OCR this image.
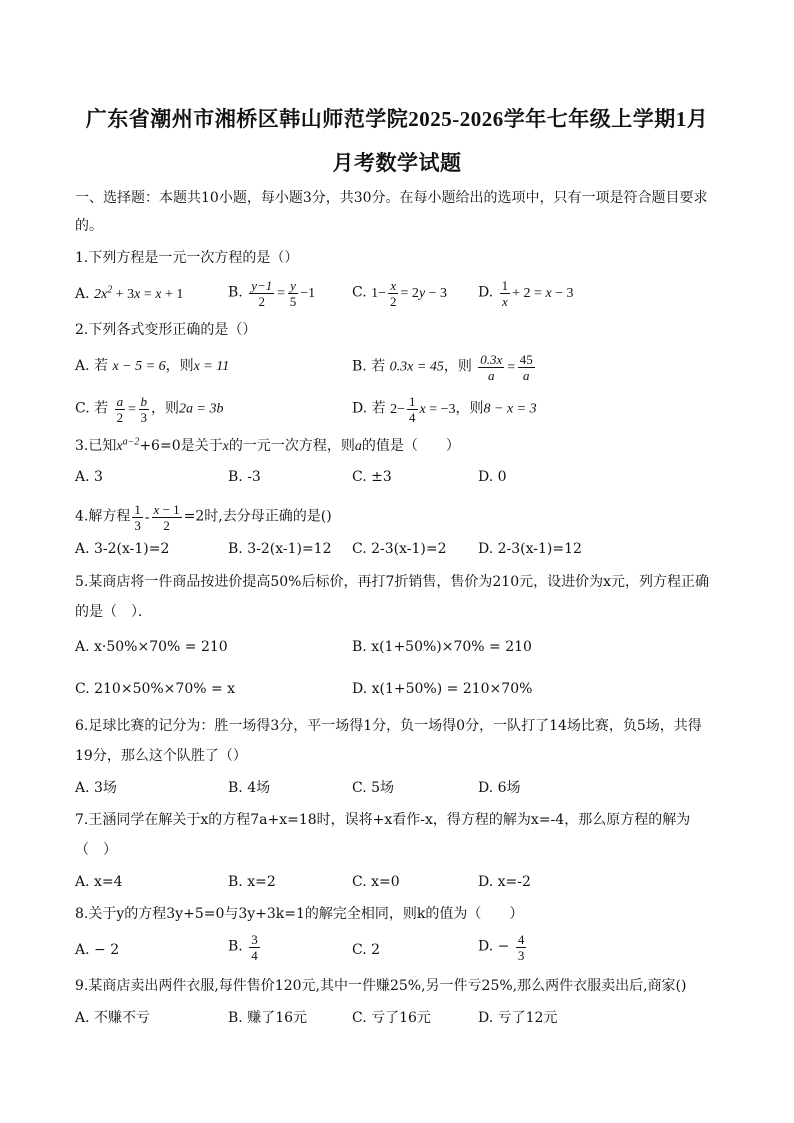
广东省潮州市湘桥区韩山师范学院2025-2026学年七年级上学期1月
月考数学试题
一、选择题：本题共10小题，每小题3分，共30分。在每小题给出的选项中，只有一项是符合题目要求
的。
1.下列方程是一元一次方程的是（）
A. $2x^2 + 3x = x + 1$	B. $\frac{y-1}{2} = \frac{y}{5} -1$	C. $1- \frac{x}{2} = 2y - 3$ D. $\frac{1}{x} + 2 = x - 3$
2.下列各式变形正确的是（）
A. 若 x − 5 = 6，则x = 11	B. 若 0.3x = 45，则 $\frac{0.3x}{a} = \frac{45}{a}$
C. 若 $\frac{a}{2} = \frac{b}{3}$ ，则2a = 3b	D. 若 $2- \frac{1}{4}$ x = −3，则8 − x = 3
3.已知$x^{a-2}+6=0$是关于x的一元一次方程，则a的值是（　　）
A. 3	B. -3	C. ±3	D. 0
4.解方程 $\frac{1}{3} - \frac{x - 1}{2} =2$时,去分母正确的是()
A. 3-2(x-1)=2	B. 3-2(x-1)=12 C. 2-3(x-1)=2 D. 2-3(x-1)=12
5.某商店将一件商品按进价提高50%后标价，再打7折销售，售价为210元，设进价为x元，列方程正确
的是（　）．
A. x·50%×70% = 210	B. x(1+50%)×70% = 210
C. 210×50%×70% = x	D. x(1+50%) = 210×70%
6.足球比赛的记分为：胜一场得3分，平一场得1分，负一场得0分，一队打了14场比赛，负5场，共得
19分，那么这个队胜了（）
A. 3场	B. 4场	C. 5场	D. 6场
7.王涵同学在解关于x的方程7a+x=18时，误将+x看作-x，得方程的解为x=-4，那么原方程的解为
（　）
A. x=4	B. x=2	C. x=0	D. x=-2
8.关于y的方程3y+5=0与3y+3k=1的解完全相同，则k的值为（　　）
A. − 2	B. $\frac{3}{4}$	C. 2	D. − $\frac{4}{3}$
9.某商店卖出两件衣服,每件售价120元,其中一件赚25%,另一件亏25%,那么两件衣服卖出后,商家()
A. 不赚不亏	B. 赚了16元	C. 亏了16元	D. 亏了12元
